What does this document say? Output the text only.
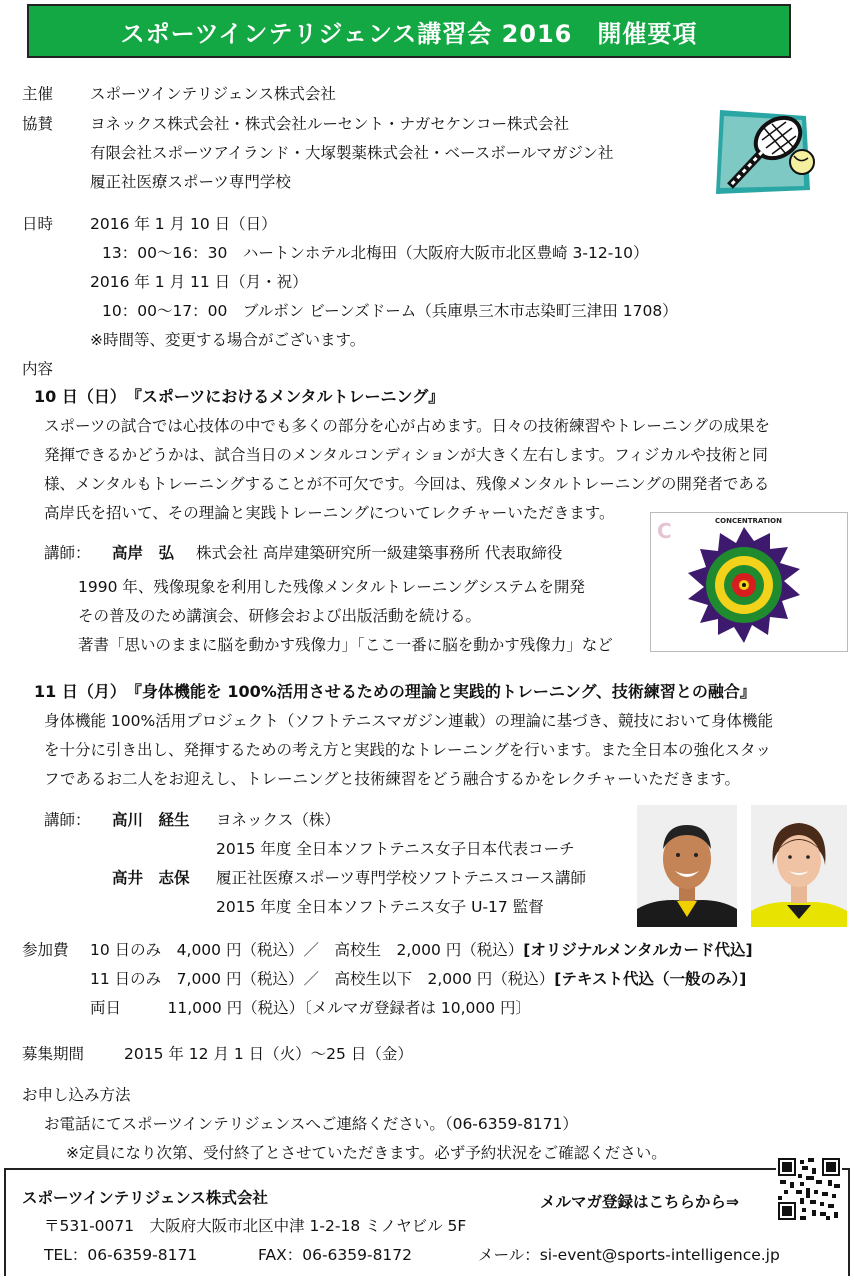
スポーツインテリジェンス講習会 2016　開催要項
主催 スポーツインテリジェンス株式会社
協賛 ヨネックス株式会社・株式会社ルーセント・ナガセケンコー株式会社
有限会社スポーツアイランド・大塚製薬株式会社・ベースボールマガジン社
履正社医療スポーツ専門学校
日時 2016 年 1 月 10 日（日）
13：00～16：30　ハートンホテル北梅田（大阪府大阪市北区豊崎 3-12-10）
2016 年 1 月 11 日（月・祝）
10：00～17：00　ブルボン ビーンズドーム（兵庫県三木市志染町三津田 1708）
※時間等、変更する場合がございます。
内容
10 日（日）　『スポーツにおけるメンタルトレーニング』
スポーツの試合では心技体の中でも多くの部分を心が占めます。日々の技術練習やトレーニングの成果を
発揮できるかどうかは、試合当日のメンタルコンディションが大きく左右します。フィジカルや技術と同
様、メンタルもトレーニングすることが不可欠です。今回は、残像メンタルトレーニングの開発者である
高岸氏を招いて、その理論と実践トレーニングについてレクチャーいただきます。
講師： 高岸　弘 株式会社 高岸建築研究所一級建築事務所 代表取締役
1990 年、残像現象を利用した残像メンタルトレーニングシステムを開発
その普及のため講演会、研修会および出版活動を続ける。
著書「思いのままに脳を動かす残像力」「ここ一番に脳を動かす残像力」など
C	CONCENTRATION
11 日（月）　『身体機能を 100%活用させるための理論と実践的トレーニング、技術練習との融合』
身体機能 100%活用プロジェクト（ソフトテニスマガジン連載）の理論に基づき、競技において身体機能
を十分に引き出し、発揮するための考え方と実践的なトレーニングを行います。また全日本の強化スタッ
フであるお二人をお迎えし、トレーニングと技術練習をどう融合するかをレクチャーいただきます。
講師： 高川　経生 ヨネックス（株）
2015 年度 全日本ソフトテニス女子日本代表コーチ
高井　志保 履正社医療スポーツ専門学校ソフトテニスコース講師
2015 年度 全日本ソフトテニス女子 U-17 監督
参加費 10 日のみ　4,000 円（税込）／　高校生　2,000 円（税込）[オリジナルメンタルカード代込]
11 日のみ　7,000 円（税込）／　高校生以下　2,000 円（税込）[テキスト代込（一般のみ）]
両日　　　11,000 円（税込）〔メルマガ登録者は 10,000 円〕
募集期間	2015 年 12 月 1 日（火）～25 日（金）
お申し込み方法
お電話にてスポーツインテリジェンスへご連絡ください。（06-6359-8171）
※定員になり次第、受付終了とさせていただきます。必ず予約状況をご確認ください。
スポーツインテリジェンス株式会社	メルマガ登録はこちらから⇒
〒531-0071　大阪府大阪市北区中津 1-2-18 ミノヤビル 5F
TEL：06-6359-8171	FAX：06-6359-8172	メール：si-event@sports-intelligence.jp
